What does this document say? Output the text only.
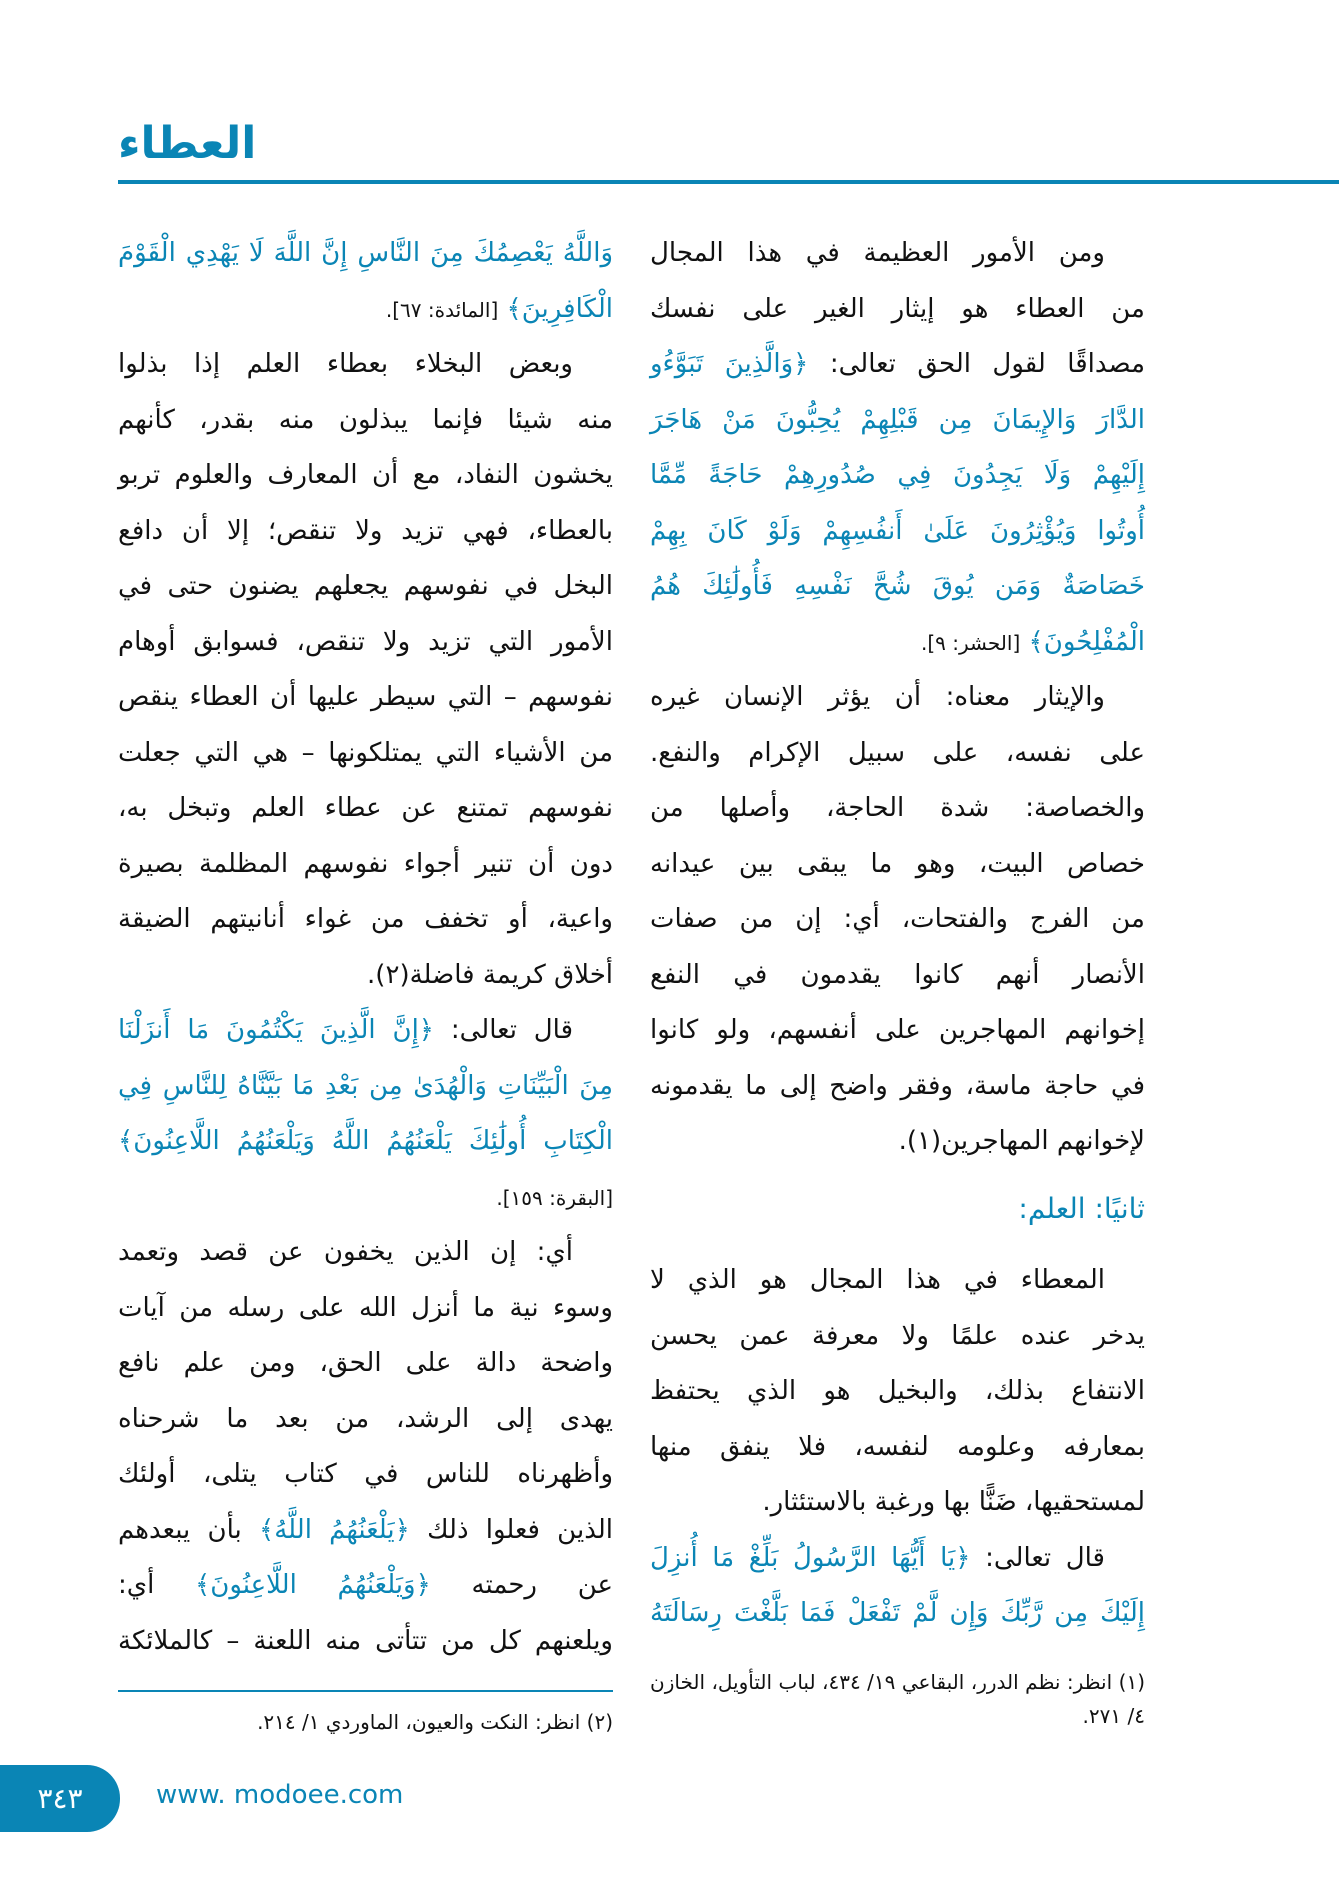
العطاء
ومن الأمور العظيمة في هذا المجال
من العطاء هو إيثار الغير على نفسك
مصداقًا لقول الحق تعالى: ﴿وَالَّذِينَ تَبَوَّءُو
الدَّارَ وَالإِيمَانَ مِن قَبْلِهِمْ يُحِبُّونَ مَنْ هَاجَرَ
إِلَيْهِمْ وَلَا يَجِدُونَ فِي صُدُورِهِمْ حَاجَةً مِّمَّا
أُوتُوا وَيُؤْثِرُونَ عَلَىٰ أَنفُسِهِمْ وَلَوْ كَانَ بِهِمْ
خَصَاصَةٌ وَمَن يُوقَ شُحَّ نَفْسِهِ فَأُولَٰئِكَ هُمُ
الْمُفْلِحُونَ﴾ [الحشر: ٩].
والإيثار معناه: أن يؤثر الإنسان غيره
على نفسه، على سبيل الإكرام والنفع.
والخصاصة: شدة الحاجة، وأصلها من
خصاص البيت، وهو ما يبقى بين عيدانه
من الفرج والفتحات، أي: إن من صفات
الأنصار أنهم كانوا يقدمون في النفع
إخوانهم المهاجرين على أنفسهم، ولو كانوا
في حاجة ماسة، وفقر واضح إلى ما يقدمونه
لإخوانهم المهاجرين(١).
ثانيًا: العلم:
المعطاء في هذا المجال هو الذي لا
يدخر عنده علمًا ولا معرفة عمن يحسن
الانتفاع بذلك، والبخيل هو الذي يحتفظ
بمعارفه وعلومه لنفسه، فلا ينفق منها
لمستحقيها، ضَنًّا بها ورغبة بالاستئثار.
قال تعالى: ﴿يَا أَيُّهَا الرَّسُولُ بَلِّغْ مَا أُنزِلَ
إِلَيْكَ مِن رَّبِّكَ وَإِن لَّمْ تَفْعَلْ فَمَا بَلَّغْتَ رِسَالَتَهُ
(١) انظر: نظم الدرر، البقاعي ١٩/ ٤٣٤، لباب التأويل، الخازن ٤/ ٢٧١.
وَاللَّهُ يَعْصِمُكَ مِنَ النَّاسِ إِنَّ اللَّهَ لَا يَهْدِي الْقَوْمَ
الْكَافِرِينَ﴾ [المائدة: ٦٧].
وبعض البخلاء بعطاء العلم إذا بذلوا
منه شيئا فإنما يبذلون منه بقدر، كأنهم
يخشون النفاد، مع أن المعارف والعلوم تربو
بالعطاء، فهي تزيد ولا تنقص؛ إلا أن دافع
البخل في نفوسهم يجعلهم يضنون حتى في
الأمور التي تزيد ولا تنقص، فسوابق أوهام
نفوسهم – التي سيطر عليها أن العطاء ينقص
من الأشياء التي يمتلكونها – هي التي جعلت
نفوسهم تمتنع عن عطاء العلم وتبخل به،
دون أن تنير أجواء نفوسهم المظلمة بصيرة
واعية، أو تخفف من غواء أنانيتهم الضيقة
أخلاق كريمة فاضلة(٢).
قال تعالى: ﴿إِنَّ الَّذِينَ يَكْتُمُونَ مَا أَنزَلْنَا
مِنَ الْبَيِّنَاتِ وَالْهُدَىٰ مِن بَعْدِ مَا بَيَّنَّاهُ لِلنَّاسِ فِي
الْكِتَابِ أُولَٰئِكَ يَلْعَنُهُمُ اللَّهُ وَيَلْعَنُهُمُ اللَّاعِنُونَ﴾
[البقرة: ١٥٩].
أي: إن الذين يخفون عن قصد وتعمد
وسوء نية ما أنزل الله على رسله من آيات
واضحة دالة على الحق، ومن علم نافع
يهدى إلى الرشد، من بعد ما شرحناه
وأظهرناه للناس في كتاب يتلى، أولئك
الذين فعلوا ذلك ﴿يَلْعَنُهُمُ اللَّهُ﴾ بأن يبعدهم
عن رحمته ﴿وَيَلْعَنُهُمُ اللَّاعِنُونَ﴾ أي:
ويلعنهم كل من تتأتى منه اللعنة – كالملائكة
(٢) انظر: النكت والعيون، الماوردي ١/ ٢١٤.
٣٤٣	www. modoee.com
